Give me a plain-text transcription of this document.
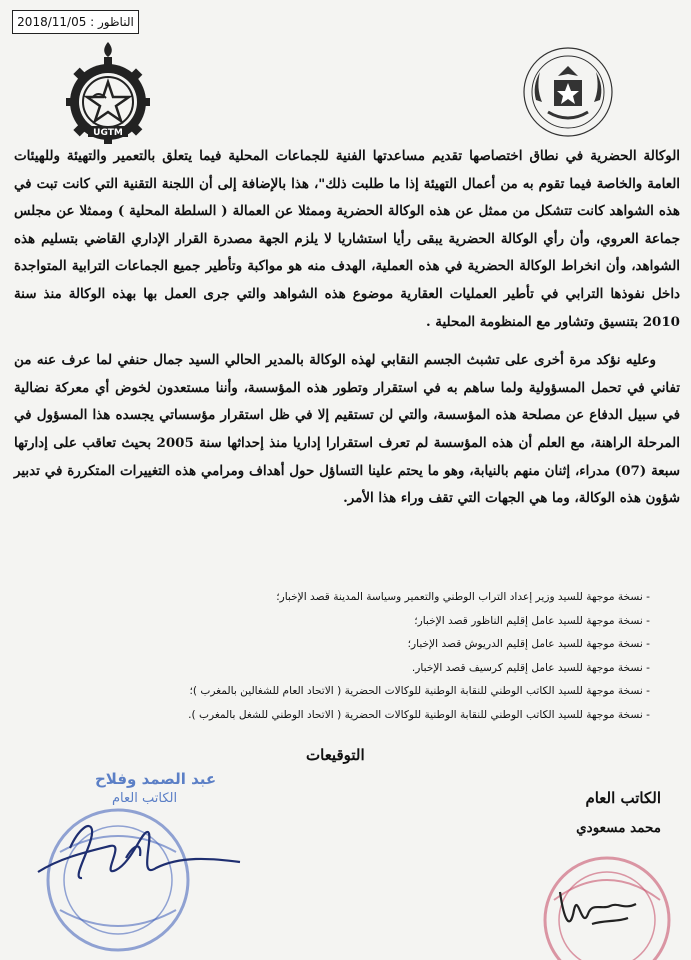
الناظور : 2018/11/05
UGTM

الوكالة الحضرية في نطاق اختصاصها تقديم مساعدتها الفنية للجماعات المحلية فيما يتعلق بالتعمير والتهيئة وللهيئات العامة والخاصة فيما تقوم به من أعمال التهيئة إذا ما طلبت ذلك"، هذا بالإضافة إلى أن اللجنة التقنية التي كانت تبت في هذه الشواهد كانت تتشكل من ممثل عن هذه الوكالة الحضرية وممثلا عن العمالة ( السلطة المحلية ) وممثلا عن مجلس جماعة العروي، وأن رأي الوكالة الحضرية يبقى رأيا استشاريا لا يلزم الجهة مصدرة القرار الإداري القاضي بتسليم هذه الشواهد، وأن انخراط الوكالة الحضرية في هذه العملية، الهدف منه هو مواكبة وتأطير جميع الجماعات الترابية المتواجدة داخل نفوذها الترابي في تأطير العمليات العقارية موضوع هذه الشواهد والتي جرى العمل بها بهذه الوكالة منذ سنة 2010 بتنسيق وتشاور مع المنظومة المحلية .

وعليه نؤكد مرة أخرى على تشبث الجسم النقابي لهذه الوكالة بالمدير الحالي السيد جمال حنفي لما عرف عنه من تفاني في تحمل المسؤولية ولما ساهم به في استقرار وتطور هذه المؤسسة، وأننا مستعدون لخوض أي معركة نضالية في سبيل الدفاع عن مصلحة هذه المؤسسة، والتي لن تستقيم إلا في ظل استقرار مؤسساتي يجسده هذا المسؤول في المرحلة الراهنة، مع العلم أن هذه المؤسسة لم تعرف استقرارا إداريا منذ إحداثها سنة 2005 بحيث تعاقب على إدارتها سبعة (07) مدراء، إثنان منهم بالنيابة، وهو ما يحتم علينا التساؤل حول أهداف ومرامي هذه التغييرات المتكررة في تدبير شؤون هذه الوكالة، وما هي الجهات التي تقف وراء هذا الأمر.

- نسخة موجهة للسيد وزير إعداد التراب الوطني والتعمير وسياسة المدينة قصد الإخبار؛
- نسخة موجهة للسيد عامل إقليم الناظور قصد الإخبار؛
- نسخة موجهة للسيد عامل إقليم الدريوش قصد الإخبار؛
- نسخة موجهة للسيد عامل إقليم كرسيف قصد الإخبار.
- نسخة موجهة للسيد الكاتب الوطني للنقابة الوطنية للوكالات الحضرية ( الاتحاد العام للشغالين بالمغرب )؛
- نسخة موجهة للسيد الكاتب الوطني للنقابة الوطنية للوكالات الحضرية ( الاتحاد الوطني للشغل بالمغرب ).
التوقيعات
عبد الصمد وفلاح
الكاتب العام	الكاتب العام
محمد مسعودي
